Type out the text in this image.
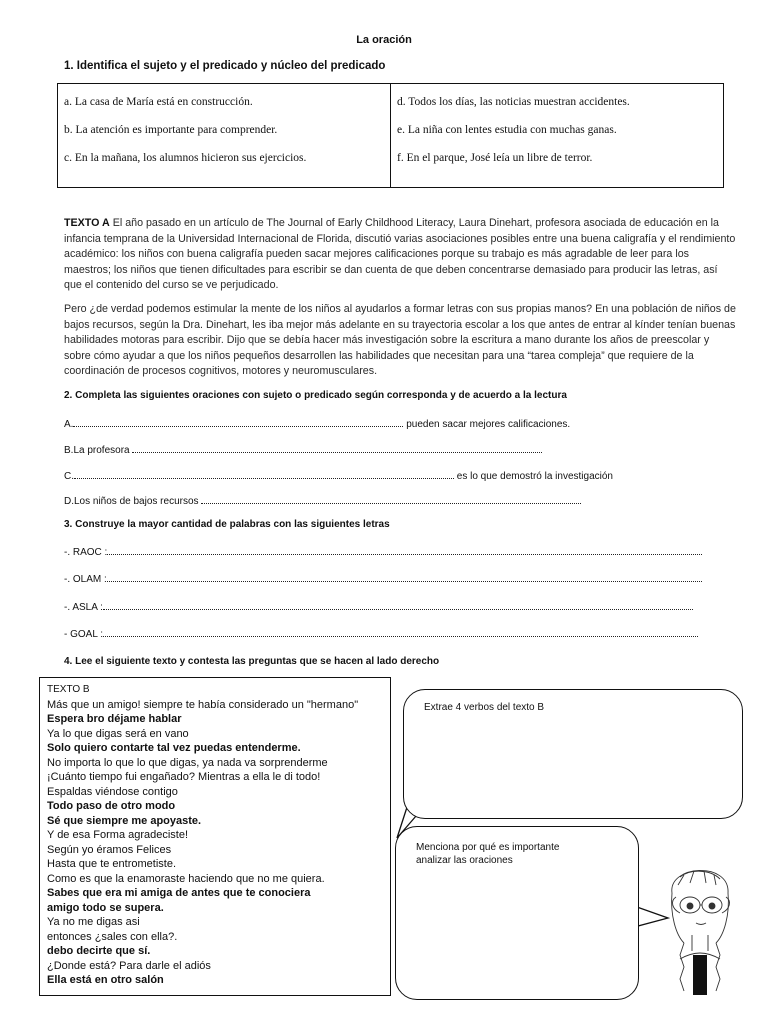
La oración
1. Identifica el sujeto y el predicado y núcleo del predicado
a. La casa de María está en construcción.
b. La atención es importante para comprender.
c. En la mañana, los alumnos hicieron sus ejercicios.
d. Todos los días, las noticias muestran accidentes.
e. La niña con lentes estudia con muchas ganas.
f. En el parque, José leía un libre de terror.
TEXTO A El año pasado en un artículo de The Journal of Early Childhood Literacy, Laura Dinehart, profesora asociada de educación en la infancia temprana de la Universidad Internacional de Florida, discutió varias asociaciones posibles entre una buena caligrafía y el rendimiento académico: los niños con buena caligrafía pueden sacar mejores calificaciones porque su trabajo es más agradable de leer para los maestros; los niños que tienen dificultades para escribir se dan cuenta de que deben concentrarse demasiado para producir las letras, así que el contenido del curso se ve perjudicado.
Pero ¿de verdad podemos estimular la mente de los niños al ayudarlos a formar letras con sus propias manos? En una población de niños de bajos recursos, según la Dra. Dinehart, les iba mejor más adelante en su trayectoria escolar a los que antes de entrar al kínder tenían buenas habilidades motoras para escribir. Dijo que se debía hacer más investigación sobre la escritura a mano durante los años de preescolar y sobre cómo ayudar a que los niños pequeños desarrollen las habilidades que necesitan para una “tarea compleja” que requiere de la coordinación de procesos cognitivos, motores y neuromusculares.
2. Completa las siguientes oraciones con sujeto o predicado según corresponda y de acuerdo a la lectura
A.	pueden sacar mejores calificaciones.
B.La profesora
C.	es lo que demostró la investigación
D.Los niños de bajos recursos
3. Construye la mayor cantidad de palabras con las siguientes letras
-. RAOC :
-. OLAM :
-. ASLA :
- GOAL :
4. Lee el siguiente texto y contesta las preguntas que se hacen al lado derecho
TEXTO B
Más que un amigo! siempre te había considerado un "hermano"
Espera bro déjame hablar
Ya lo que digas será en vano
Solo quiero contarte tal vez puedas entenderme.
No importa lo que lo que digas, ya nada va sorprenderme
¡Cuánto tiempo fui engañado? Mientras a ella le di todo!
Espaldas viéndose contigo
Todo paso de otro modo
Sé que siempre me apoyaste.
Y de esa Forma agradeciste!
Según yo éramos Felices
Hasta que te entrometiste.
Como es que la enamoraste haciendo que no me quiera.
Sabes que era mi amiga de antes que te conociera
amigo todo se supera.
Ya no me digas asi
entonces ¿sales con ella?.
debo decirte que sí.
¿Donde está? Para darle el adiós
Ella está en otro salón
Extrae 4 verbos del texto B
Menciona por qué es importante
analizar las oraciones
